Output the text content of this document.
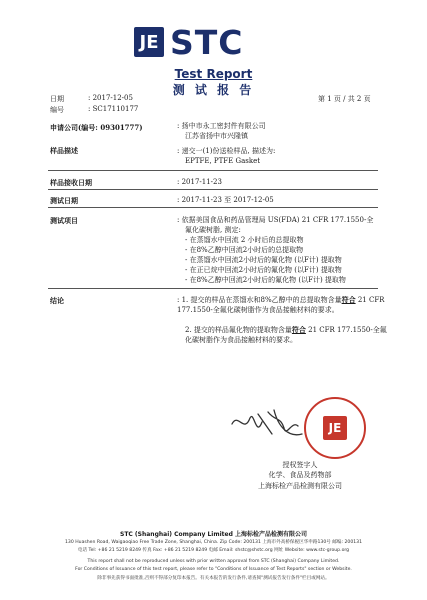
JE STC
Test Report
测 试 报 告
日期	: 2017-12-05	第 1 页 / 共 2 页
编号	: SC17110177
申请公司(编号: 09301777)	: 扬中市永工密封件有限公司
江苏省扬中市兴隆镇
样品描述	: 递交一(1)份送检样品, 描述为:
EPTFE, PTFE Gasket
样品接收日期	: 2017-11-23
测试日期	: 2017-11-23 至 2017-12-05
测试项目	: 依据美国食品和药品管理局 US(FDA) 21 CFR 177.1550-全
氟化碳树脂, 测定:
- 在蒸馏水中回流 2 小时后的总提取物
- 在8%乙醇中回流2小时后的总提取物
- 在蒸馏水中回流2小时后的氟化物 (以F计) 提取物
- 在正已烷中回流2小时后的氟化物 (以F计) 提取物
- 在8%乙醇中回流2小时后的氟化物 (以F计) 提取物
结论	: 1. 提交的样品在蒸馏水和8%乙醇中的总提取物含量符合 21 CFR 177.1550-全氟化碳树脂作为食品接触材料的要求。
2. 提交的样品氟化物的提取物含量符合 21 CFR 177.1550-全氟化碳树脂作为食品接触材料的要求。
JE
授权签字人
化学、食品及药物部
上海标检产品检测有限公司
STC (Shanghai) Company Limited 上海标检产品检测有限公司
130 Huashen Road, Waigaoqiao Free Trade Zone, Shanghai, China. Zip Code: 200131 上海市外高桥保税区华申路130号 邮编: 200131
电话 Tel: +86 21 5219 8249 传真 Fax: +86 21 5219 8249 电邮 Email: shstc@shstc.org 网址 Website: www.stc-group.org
This report shall not be reproduced unless with prior written approval from STC (Shanghai) Company Limited.
For Conditions of Issuance of this test report, please refer to "Conditions of Issuance of Test Reports" section or Website.
除非事先获得书面批准,否则不得部分复印本报告。有关本报告的发行条件,请查阅"测试报告发行条件"栏目或网站。
